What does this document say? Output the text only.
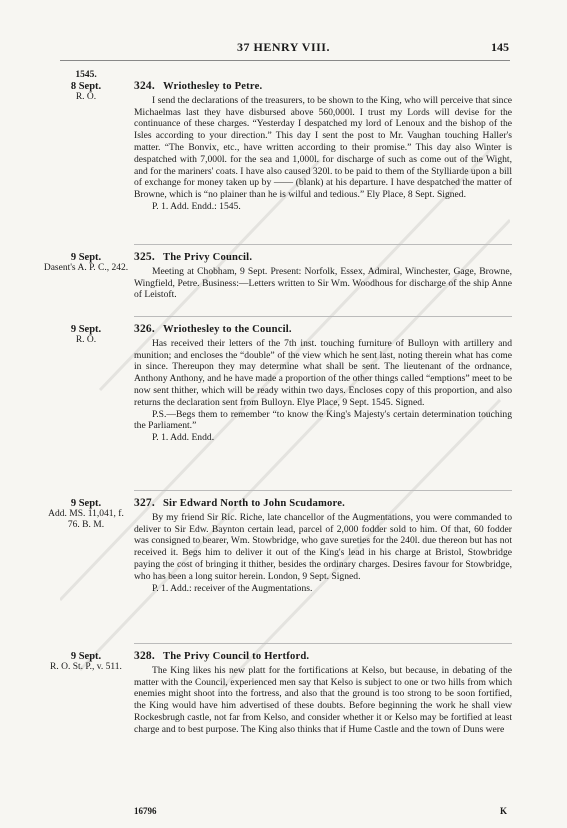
37 HENRY VIII.	145
1545.
8 Sept.
R. O.
324. Wriothesley to Petre.

I send the declarations of the treasurers, to be shown to the King, who will perceive that since Michaelmas last they have disbursed above 560,000l. I trust my Lords will devise for the continuance of these charges. “Yesterday I despatched my lord of Lenoux and the bishop of the Isles according to your direction.” This day I sent the post to Mr. Vaughan touching Haller's matter. “The Bonvix, etc., have written according to their promise.” This day also Winter is despatched with 7,000l. for the sea and 1,000l. for discharge of such as come out of the Wight, and for the mariners' coats. I have also caused 320l. to be paid to them of the Stylliarde upon a bill of exchange for money taken up by —— (blank) at his departure. I have despatched the matter of Browne, which is “no plainer than he is wilful and tedious.” Ely Place, 8 Sept. Signed.

P. 1. Add. Endd.: 1545.

9 Sept.
Dasent's A. P. C., 242.
325. The Privy Council.

Meeting at Chobham, 9 Sept. Present: Norfolk, Essex, Admiral, Winchester, Gage, Browne, Wingfield, Petre. Business:—Letters written to Sir Wm. Woodhous for discharge of the ship Anne of Leistoft.

9 Sept.
R. O.
326. Wriothesley to the Council.

Has received their letters of the 7th inst. touching furniture of Bulloyn with artillery and munition; and encloses the “double” of the view which he sent last, noting therein what has come in since. Thereupon they may determine what shall be sent. The lieutenant of the ordnance, Anthony Anthony, and he have made a proportion of the other things called “emptions” meet to be now sent thither, which will be ready within two days. Encloses copy of this proportion, and also returns the declaration sent from Bulloyn. Elye Place, 9 Sept. 1545. Signed.

P.S.—Begs them to remember “to know the King's Majesty's certain determination touching the Parliament.”

P. 1. Add. Endd.

9 Sept.
Add. MS. 11,041, f. 76. B. M.
327. Sir Edward North to John Scudamore.

By my friend Sir Ric. Riche, late chancellor of the Augmentations, you were commanded to deliver to Sir Edw. Baynton certain lead, parcel of 2,000 fodder sold to him. Of that, 60 fodder was consigned to bearer, Wm. Stowbridge, who gave sureties for the 240l. due thereon but has not received it. Begs him to deliver it out of the King's lead in his charge at Bristol, Stowbridge paying the cost of bringing it thither, besides the ordinary charges. Desires favour for Stowbridge, who has been a long suitor herein. London, 9 Sept. Signed.

P. 1. Add.: receiver of the Augmentations.

9 Sept.
R. O. St. P., v. 511.
328. The Privy Council to Hertford.

The King likes his new platt for the fortifications at Kelso, but because, in debating of the matter with the Council, experienced men say that Kelso is subject to one or two hills from which enemies might shoot into the fortress, and also that the ground is too strong to be soon fortified, the King would have him advertised of these doubts. Before beginning the work he shall view Rockesbrugh castle, not far from Kelso, and consider whether it or Kelso may be fortified at least charge and to best purpose. The King also thinks that if Hume Castle and the town of Duns were

16796	K
